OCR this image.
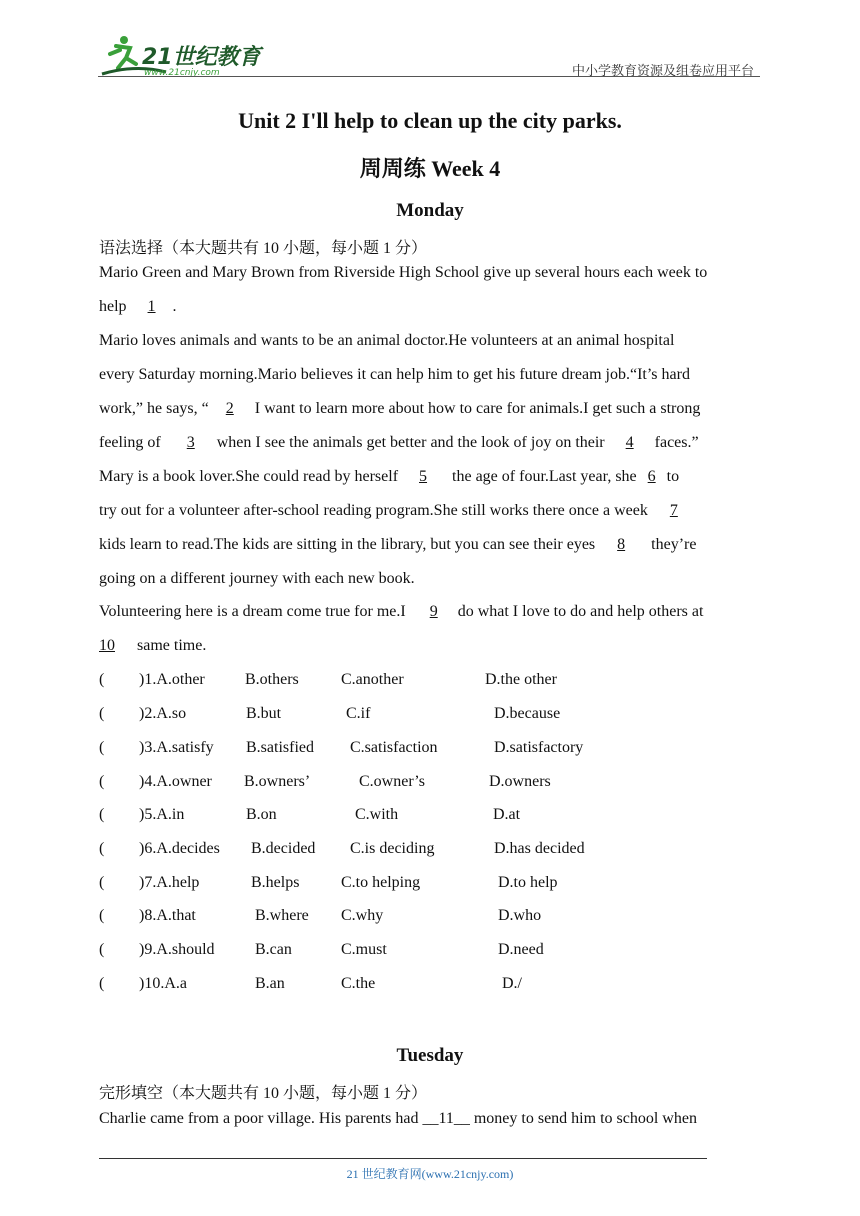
21世纪教育
www.21cnjy.com	中小学教育资源及组卷应用平台
Unit 2 I'll help to clean up the city parks.
周周练 Week 4
Monday
语法选择（本大题共有 10 小题，每小题 1 分）
Mario Green and Mary Brown from Riverside High School give up several hours each week to
help 1 .
Mario loves animals and wants to be an animal doctor.He volunteers at an animal hospital
every Saturday morning.Mario believes it can help him to get his future dream job.“It’s hard
work,” he says, “ 2 I want to learn more about how to care for animals.I get such a strong
feeling of 3 when I see the animals get better and the look of joy on their 4 faces.”
Mary is a book lover.She could read by herself 5 the age of four.Last year, she 6 to
try out for a volunteer after-school reading program.She still works there once a week 7
kids learn to read.The kids are sitting in the library, but you can see their eyes 8 they’re
going on a different journey with each new book.
Volunteering here is a dream come true for me.I 9 do what I love to do and help others at
10 same time.
( )1.A.other	B.others	C.another	D.the other
( )2.A.so	B.but	C.if	D.because
( )3.A.satisfy B.satisfied C.satisfaction	D.satisfactory
( )4.A.owner B.owners’	C.owner’s	D.owners
( )5.A.in	B.on	C.with	D.at
( )6.A.decides B.decided C.is deciding	D.has decided
( )7.A.help	B.helps	C.to helping	D.to help
( )8.A.that	B.where C.why	D.who
( )9.A.should	B.can	C.must	D.need
( )10.A.a	B.an	C.the	D./
Tuesday
完形填空（本大题共有 10 小题，每小题 1 分）
Charlie came from a poor village. His parents had __11__ money to send him to school when
21 世纪教育网(www.21cnjy.com)
